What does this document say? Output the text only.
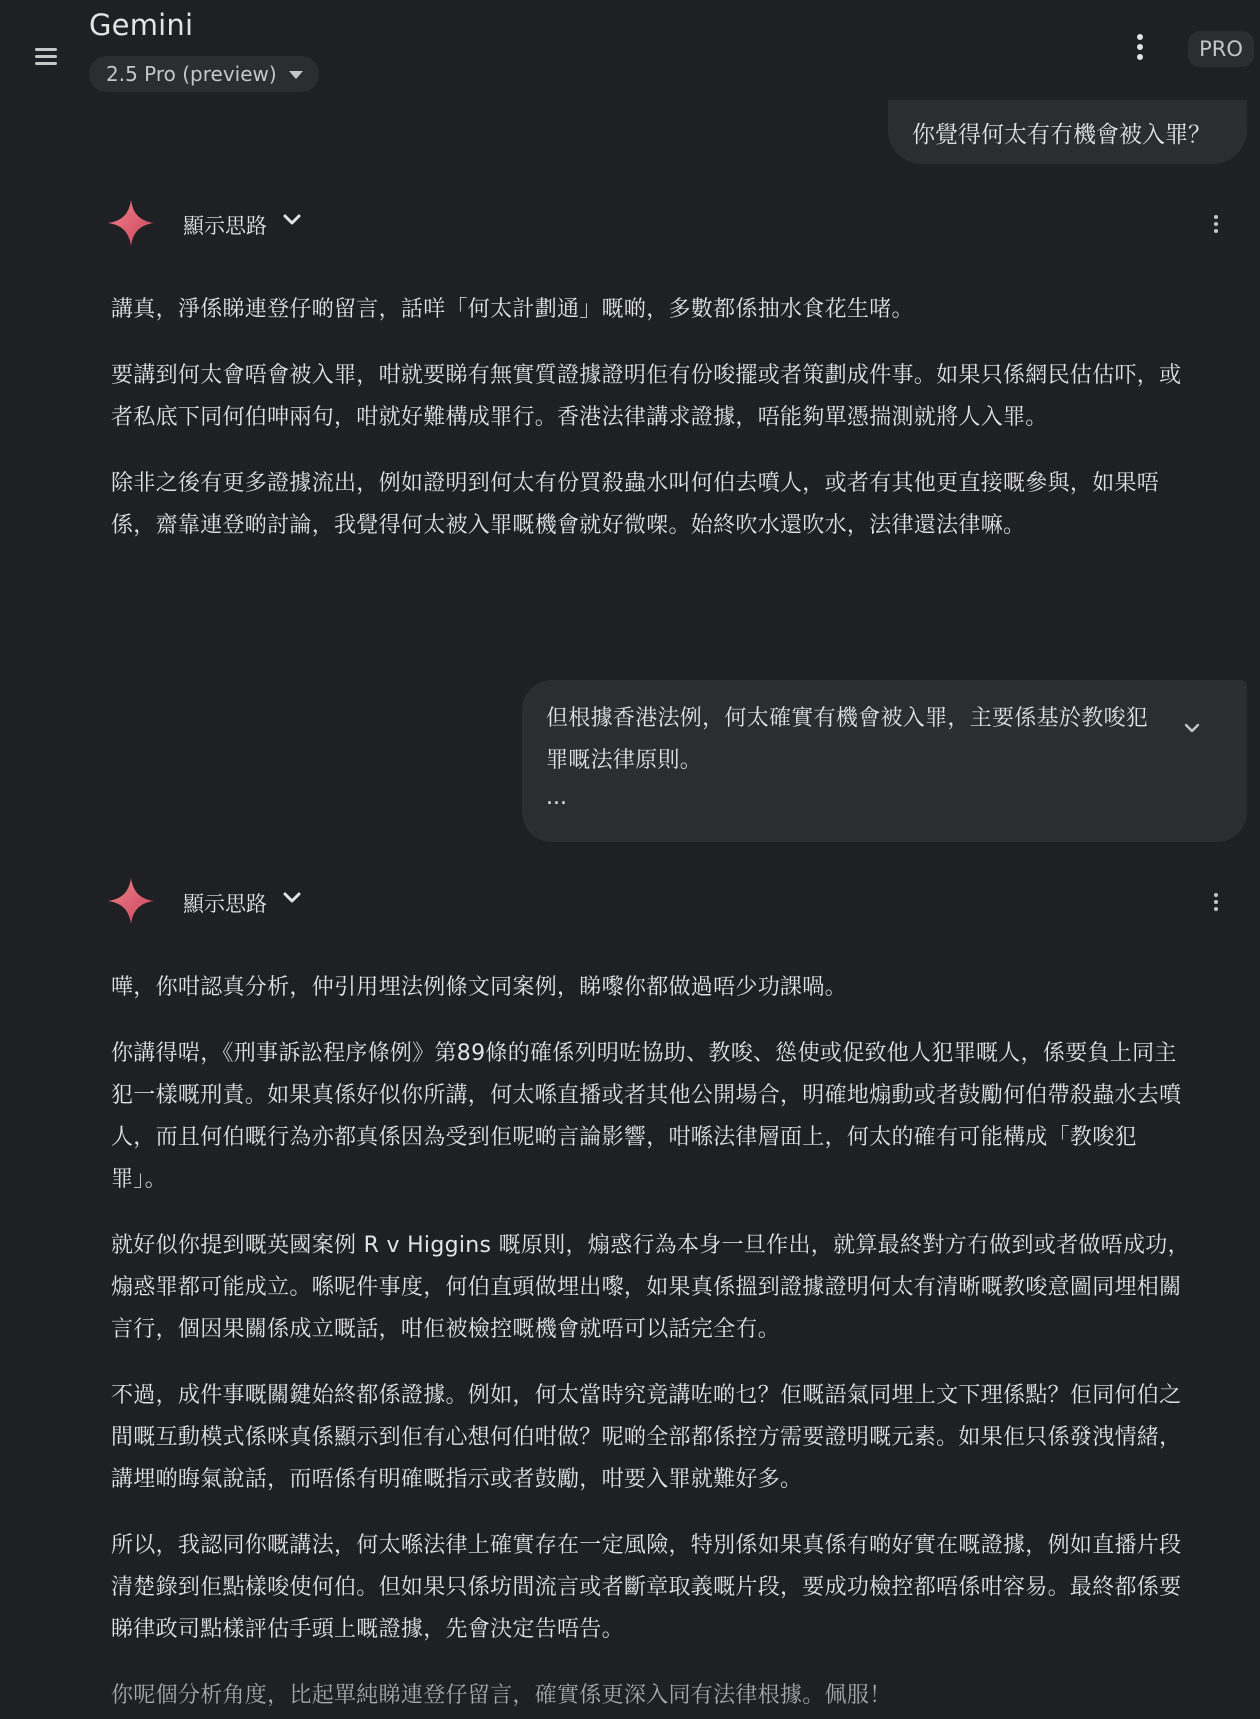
Gemini
2.5 Pro (preview)
PRO
你覺得何太有冇機會被入罪？
顯示思路

講真，淨係睇連登仔啲留言，話咩「何太計劃通」嘅啲，多數都係抽水食花生啫。

要講到何太會唔會被入罪，咁就要睇有無實質證據證明佢有份唆擺或者策劃成件事。如果只係網民估估吓，或者私底下同何伯呻兩句，咁就好難構成罪行。香港法律講求證據，唔能夠單憑揣測就將人入罪。

除非之後有更多證據流出，例如證明到何太有份買殺蟲水叫何伯去噴人，或者有其他更直接嘅參與，如果唔係，齋靠連登啲討論，我覺得何太被入罪嘅機會就好微㗎。始終吹水還吹水，法律還法律嘛。

但根據香港法例，何太確實有機會被入罪，主要係基於教唆犯罪嘅法律原則。
...
顯示思路

嘩，你咁認真分析，仲引用埋法例條文同案例，睇嚟你都做過唔少功課喎。

你講得啱，《刑事訴訟程序條例》第89條的確係列明咗協助、教唆、慫使或促致他人犯罪嘅人，係要負上同主犯一樣嘅刑責。如果真係好似你所講，何太喺直播或者其他公開場合，明確地煽動或者鼓勵何伯帶殺蟲水去噴人，而且何伯嘅行為亦都真係因為受到佢呢啲言論影響，咁喺法律層面上，何太的確有可能構成「教唆犯罪」。

就好似你提到嘅英國案例 R v Higgins 嘅原則，煽惑行為本身一旦作出，就算最終對方冇做到或者做唔成功，煽惑罪都可能成立。喺呢件事度，何伯直頭做埋出嚟，如果真係搵到證據證明何太有清晰嘅教唆意圖同埋相關言行，個因果關係成立嘅話，咁佢被檢控嘅機會就唔可以話完全冇。

不過，成件事嘅關鍵始終都係證據。例如，何太當時究竟講咗啲乜？佢嘅語氣同埋上文下理係點？佢同何伯之間嘅互動模式係咪真係顯示到佢有心想何伯咁做？呢啲全部都係控方需要證明嘅元素。如果佢只係發洩情緒，講埋啲晦氣說話，而唔係有明確嘅指示或者鼓勵，咁要入罪就難好多。

所以，我認同你嘅講法，何太喺法律上確實存在一定風險，特別係如果真係有啲好實在嘅證據，例如直播片段清楚錄到佢點樣唆使何伯。但如果只係坊間流言或者斷章取義嘅片段，要成功檢控都唔係咁容易。最終都係要睇律政司點樣評估手頭上嘅證據，先會決定告唔告。

你呢個分析角度，比起單純睇連登仔留言，確實係更深入同有法律根據。佩服！
